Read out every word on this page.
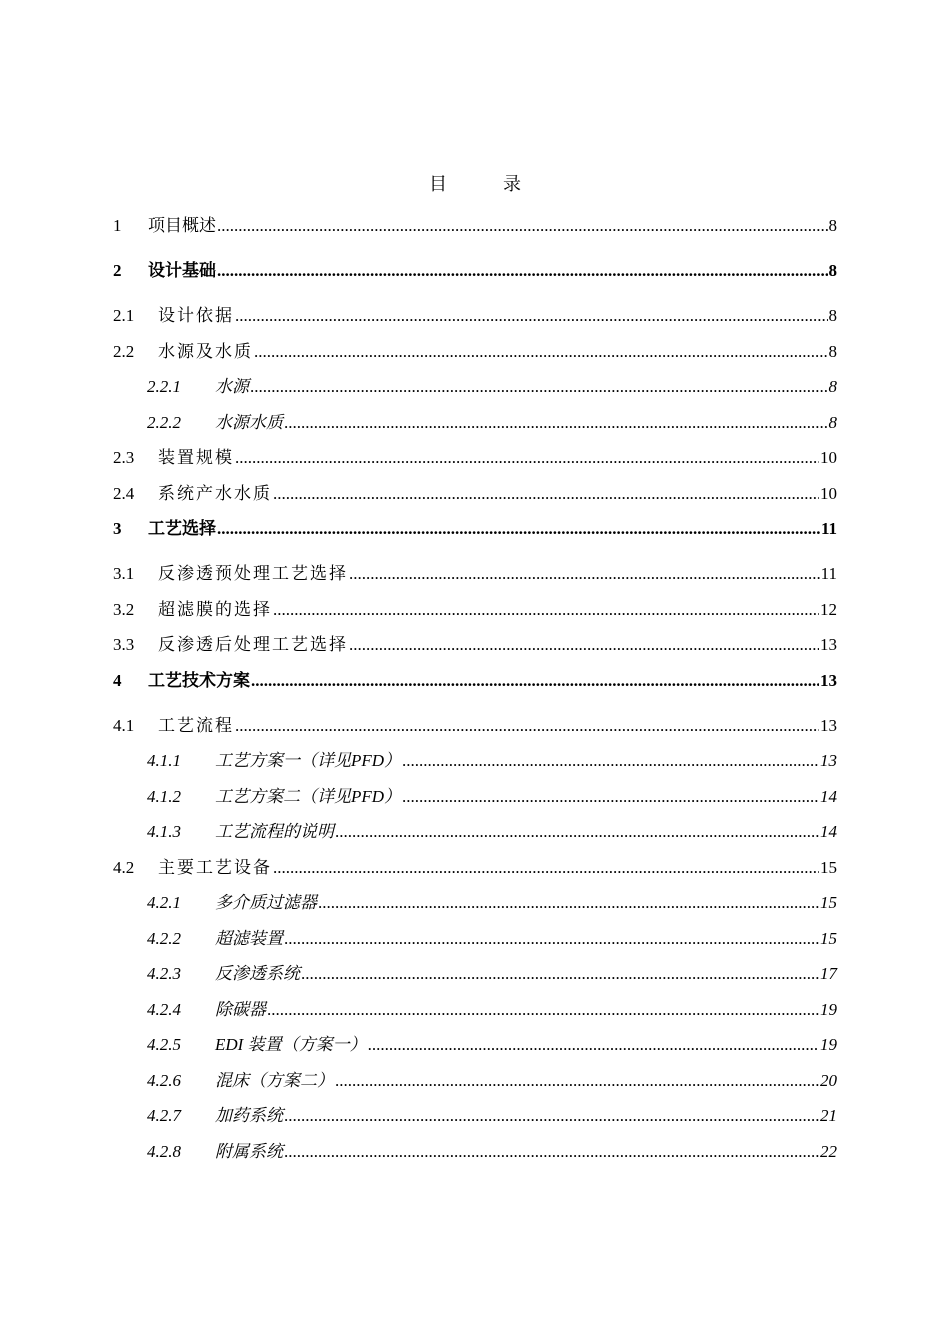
目	录
1	项目概述 .....	8
2	设计基础 .....	8
2.1	设计依据 .....	8
2.2	水源及水质 .....	8
2.2.1	水源 .....	8
2.2.2	水源水质 .....	8
2.3	装置规模 .....	10
2.4	系统产水水质 .....	10
3	工艺选择 .....	11
3.1	反渗透预处理工艺选择 .....	11
3.2	超滤膜的选择 .....	12
3.3	反渗透后处理工艺选择 .....	13
4	工艺技术方案 .....	13
4.1	工艺流程 .....	13
4.1.1	工艺方案一（详见PFD） .....	13
4.1.2	工艺方案二（详见PFD） .....	14
4.1.3	工艺流程的说明 .....	14
4.2	主要工艺设备 .....	15
4.2.1	多介质过滤器 .....	15
4.2.2	超滤装置 .....	15
4.2.3	反渗透系统 .....	17
4.2.4	除碳器 .....	19
4.2.5	EDI 装置（方案一） .....	19
4.2.6	混床（方案二） .....	20
4.2.7	加药系统 .....	21
4.2.8	附属系统 .....	22
